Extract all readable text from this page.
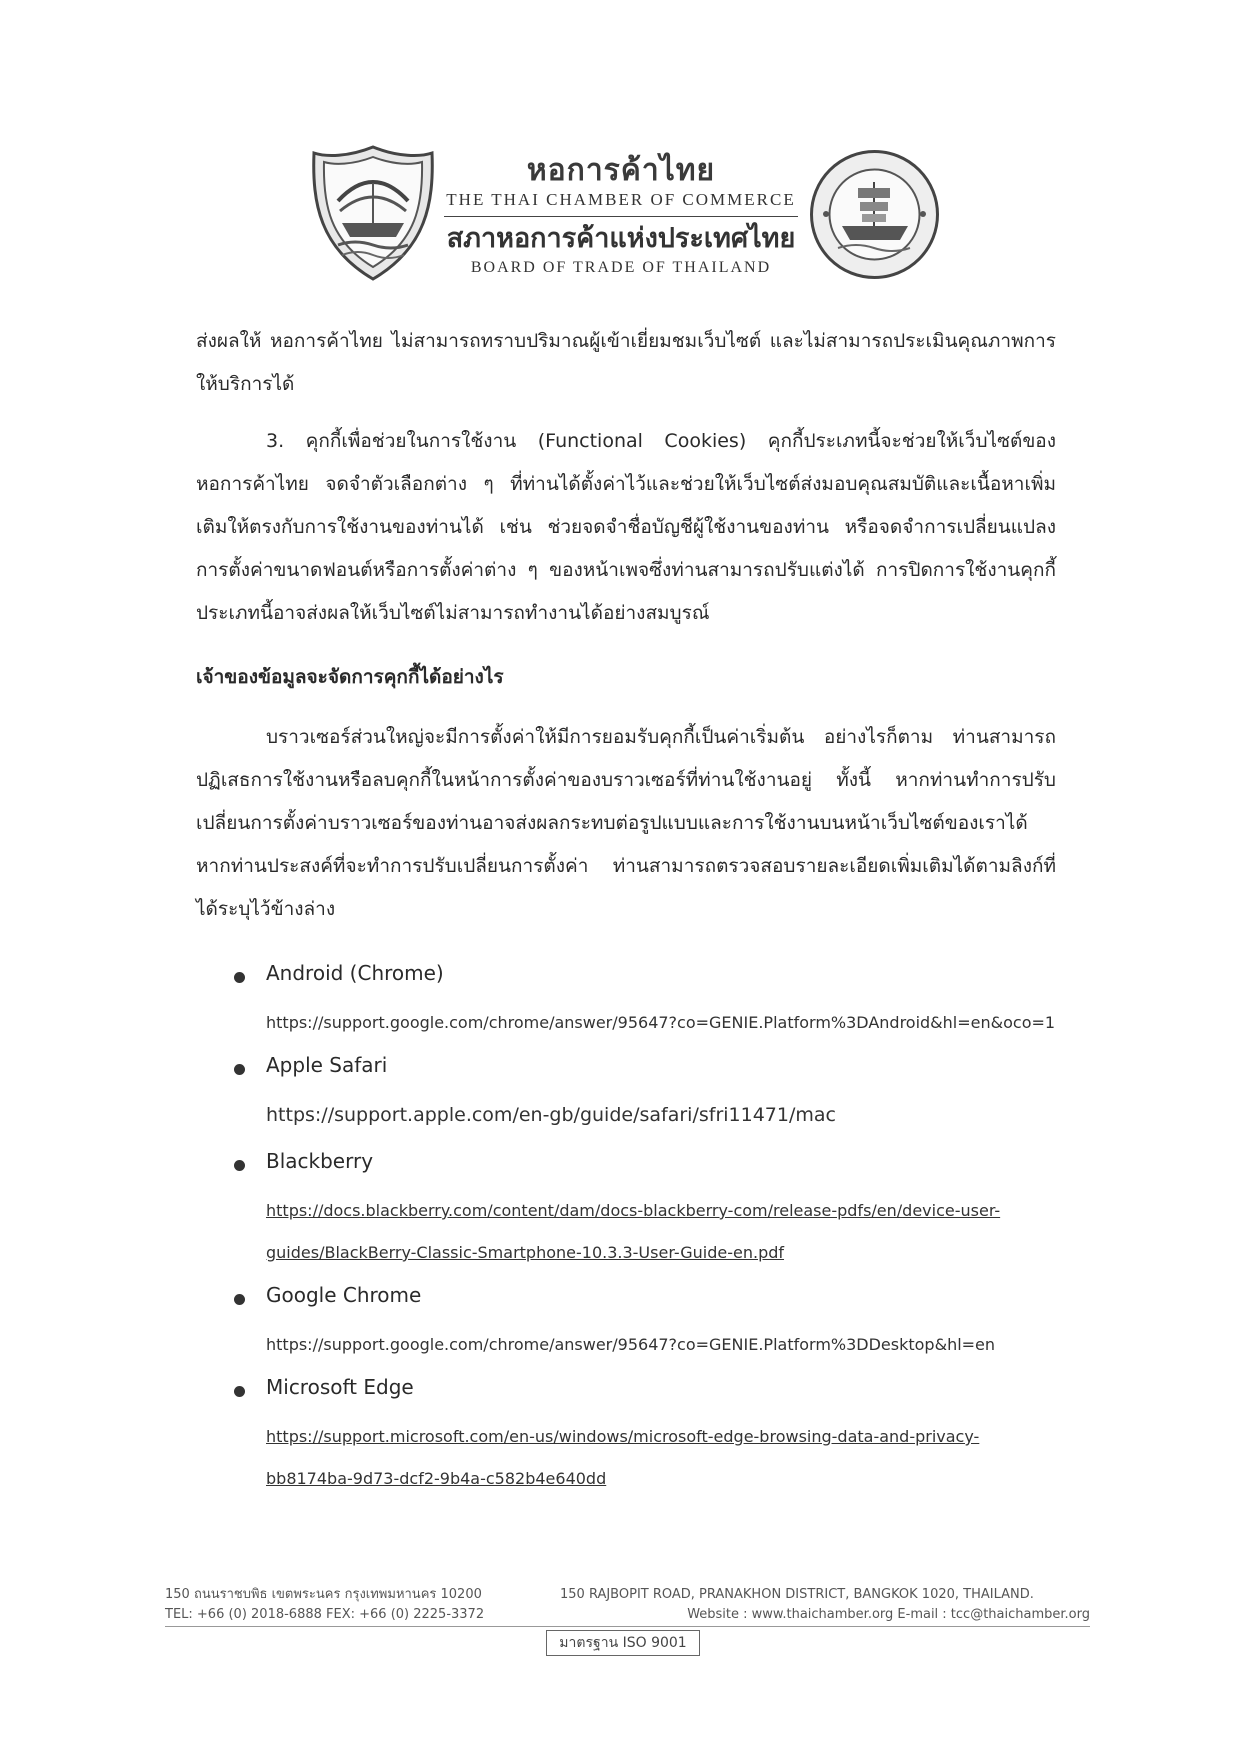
หอการค้าไทย
THE THAI CHAMBER OF COMMERCE
สภาหอการค้าแห่งประเทศไทย
BOARD OF TRADE OF THAILAND
ส่งผลให้ หอการค้าไทย ไม่สามารถทราบปริมาณผู้เข้าเยี่ยมชมเว็บไซต์ และไม่สามารถประเมินคุณภาพการให้บริการได้
3. คุกกี้เพื่อช่วยในการใช้งาน (Functional Cookies) คุกกี้ประเภทนี้จะช่วยให้เว็บไซต์ของหอการค้าไทย จดจำตัวเลือกต่าง ๆ ที่ท่านได้ตั้งค่าไว้และช่วยให้เว็บไซต์ส่งมอบคุณสมบัติและเนื้อหาเพิ่มเติมให้ตรงกับการใช้งานของท่านได้ เช่น ช่วยจดจำชื่อบัญชีผู้ใช้งานของท่าน หรือจดจำการเปลี่ยนแปลงการตั้งค่าขนาดฟอนต์หรือการตั้งค่าต่าง ๆ ของหน้าเพจซึ่งท่านสามารถปรับแต่งได้ การปิดการใช้งานคุกกี้ประเภทนี้อาจส่งผลให้เว็บไซต์ไม่สามารถทำงานได้อย่างสมบูรณ์
เจ้าของข้อมูลจะจัดการคุกกี้ได้อย่างไร
บราวเซอร์ส่วนใหญ่จะมีการตั้งค่าให้มีการยอมรับคุกกี้เป็นค่าเริ่มต้น อย่างไรก็ตาม ท่านสามารถปฏิเสธการใช้งานหรือลบคุกกี้ในหน้าการตั้งค่าของบราวเซอร์ที่ท่านใช้งานอยู่ ทั้งนี้ หากท่านทำการปรับเปลี่ยนการตั้งค่าบราวเซอร์ของท่านอาจส่งผลกระทบต่อรูปแบบและการใช้งานบนหน้าเว็บไซต์ของเราได้ หากท่านประสงค์ที่จะทำการปรับเปลี่ยนการตั้งค่า ท่านสามารถตรวจสอบรายละเอียดเพิ่มเติมได้ตามลิงก์ที่ได้ระบุไว้ข้างล่าง
Android (Chrome)
https://support.google.com/chrome/answer/95647?co=GENIE.Platform%3DAndroid&hl=en&oco=1
Apple Safari
https://support.apple.com/en-gb/guide/safari/sfri11471/mac
Blackberry
https://docs.blackberry.com/content/dam/docs-blackberry-com/release-pdfs/en/device-user-
guides/BlackBerry-Classic-Smartphone-10.3.3-User-Guide-en.pdf
Google Chrome
https://support.google.com/chrome/answer/95647?co=GENIE.Platform%3DDesktop&hl=en
Microsoft Edge
https://support.microsoft.com/en-us/windows/microsoft-edge-browsing-data-and-privacy-
bb8174ba-9d73-dcf2-9b4a-c582b4e640dd
150 ถนนราชบพิธ เขตพระนคร กรุงเทพมหานคร 10200	150 RAJBOPIT ROAD, PRANAKHON DISTRICT, BANGKOK 1020, THAILAND.
TEL: +66 (0) 2018-6888 FEX: +66 (0) 2225-3372	Website : www.thaichamber.org E-mail : tcc@thaichamber.org
มาตรฐาน ISO 9001
